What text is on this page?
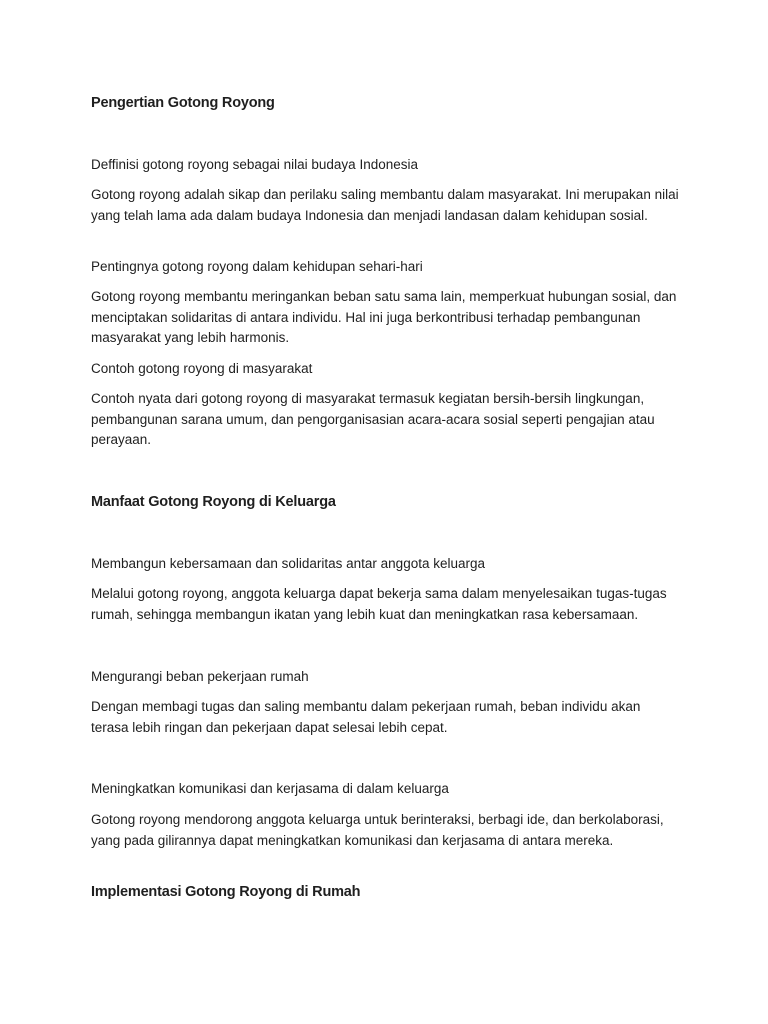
Pengertian Gotong Royong

Deffinisi gotong royong sebagai nilai budaya Indonesia

Gotong royong adalah sikap dan perilaku saling membantu dalam masyarakat. Ini merupakan nilai yang telah lama ada dalam budaya Indonesia dan menjadi landasan dalam kehidupan sosial.

Pentingnya gotong royong dalam kehidupan sehari-hari

Gotong royong membantu meringankan beban satu sama lain, memperkuat hubungan sosial, dan menciptakan solidaritas di antara individu. Hal ini juga berkontribusi terhadap pembangunan masyarakat yang lebih harmonis.

Contoh gotong royong di masyarakat

Contoh nyata dari gotong royong di masyarakat termasuk kegiatan bersih-bersih lingkungan, pembangunan sarana umum, dan pengorganisasian acara-acara sosial seperti pengajian atau perayaan.

Manfaat Gotong Royong di Keluarga

Membangun kebersamaan dan solidaritas antar anggota keluarga

Melalui gotong royong, anggota keluarga dapat bekerja sama dalam menyelesaikan tugas-tugas rumah, sehingga membangun ikatan yang lebih kuat dan meningkatkan rasa kebersamaan.

Mengurangi beban pekerjaan rumah

Dengan membagi tugas dan saling membantu dalam pekerjaan rumah, beban individu akan terasa lebih ringan dan pekerjaan dapat selesai lebih cepat.

Meningkatkan komunikasi dan kerjasama di dalam keluarga

Gotong royong mendorong anggota keluarga untuk berinteraksi, berbagi ide, dan berkolaborasi, yang pada gilirannya dapat meningkatkan komunikasi dan kerjasama di antara mereka.

Implementasi Gotong Royong di Rumah
